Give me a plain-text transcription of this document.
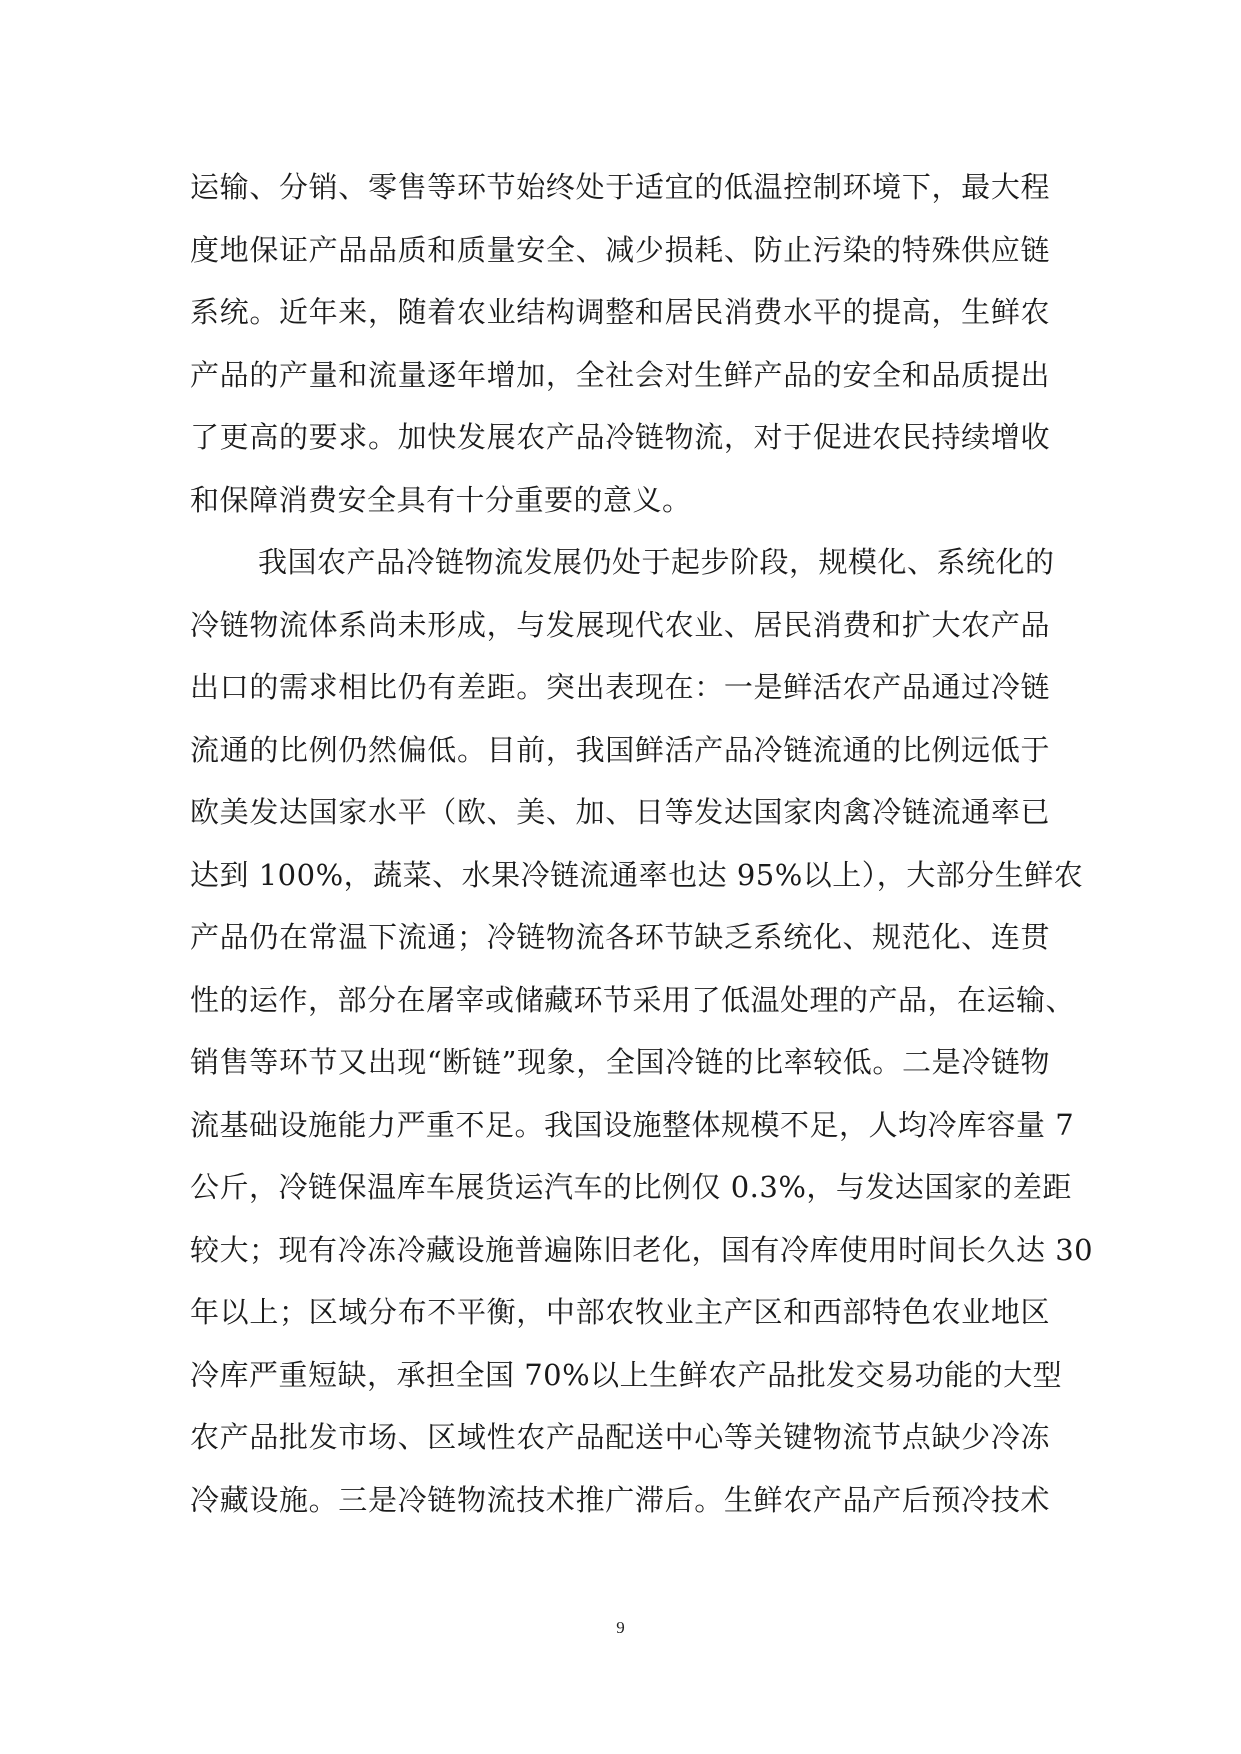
运输、分销、零售等环节始终处于适宜的低温控制环境下，最大程
度地保证产品品质和质量安全、减少损耗、防止污染的特殊供应链
系统。近年来，随着农业结构调整和居民消费水平的提高，生鲜农
产品的产量和流量逐年增加，全社会对生鲜产品的安全和品质提出
了更高的要求。加快发展农产品冷链物流，对于促进农民持续增收
和保障消费安全具有十分重要的意义。
我国农产品冷链物流发展仍处于起步阶段，规模化、系统化的
冷链物流体系尚未形成，与发展现代农业、居民消费和扩大农产品
出口的需求相比仍有差距。突出表现在：一是鲜活农产品通过冷链
流通的比例仍然偏低。目前，我国鲜活产品冷链流通的比例远低于
欧美发达国家水平（欧、美、加、日等发达国家肉禽冷链流通率已
达到 100%，蔬菜、水果冷链流通率也达 95%以上），大部分生鲜农
产品仍在常温下流通；冷链物流各环节缺乏系统化、规范化、连贯
性的运作，部分在屠宰或储藏环节采用了低温处理的产品，在运输、
销售等环节又出现“断链”现象，全国冷链的比率较低。二是冷链物
流基础设施能力严重不足。我国设施整体规模不足，人均冷库容量 7
公斤，冷链保温库车展货运汽车的比例仅 0.3%，与发达国家的差距
较大；现有冷冻冷藏设施普遍陈旧老化，国有冷库使用时间长久达 30
年以上；区域分布不平衡，中部农牧业主产区和西部特色农业地区
冷库严重短缺，承担全国 70%以上生鲜农产品批发交易功能的大型
农产品批发市场、区域性农产品配送中心等关键物流节点缺少冷冻
冷藏设施。三是冷链物流技术推广滞后。生鲜农产品产后预冷技术
9
